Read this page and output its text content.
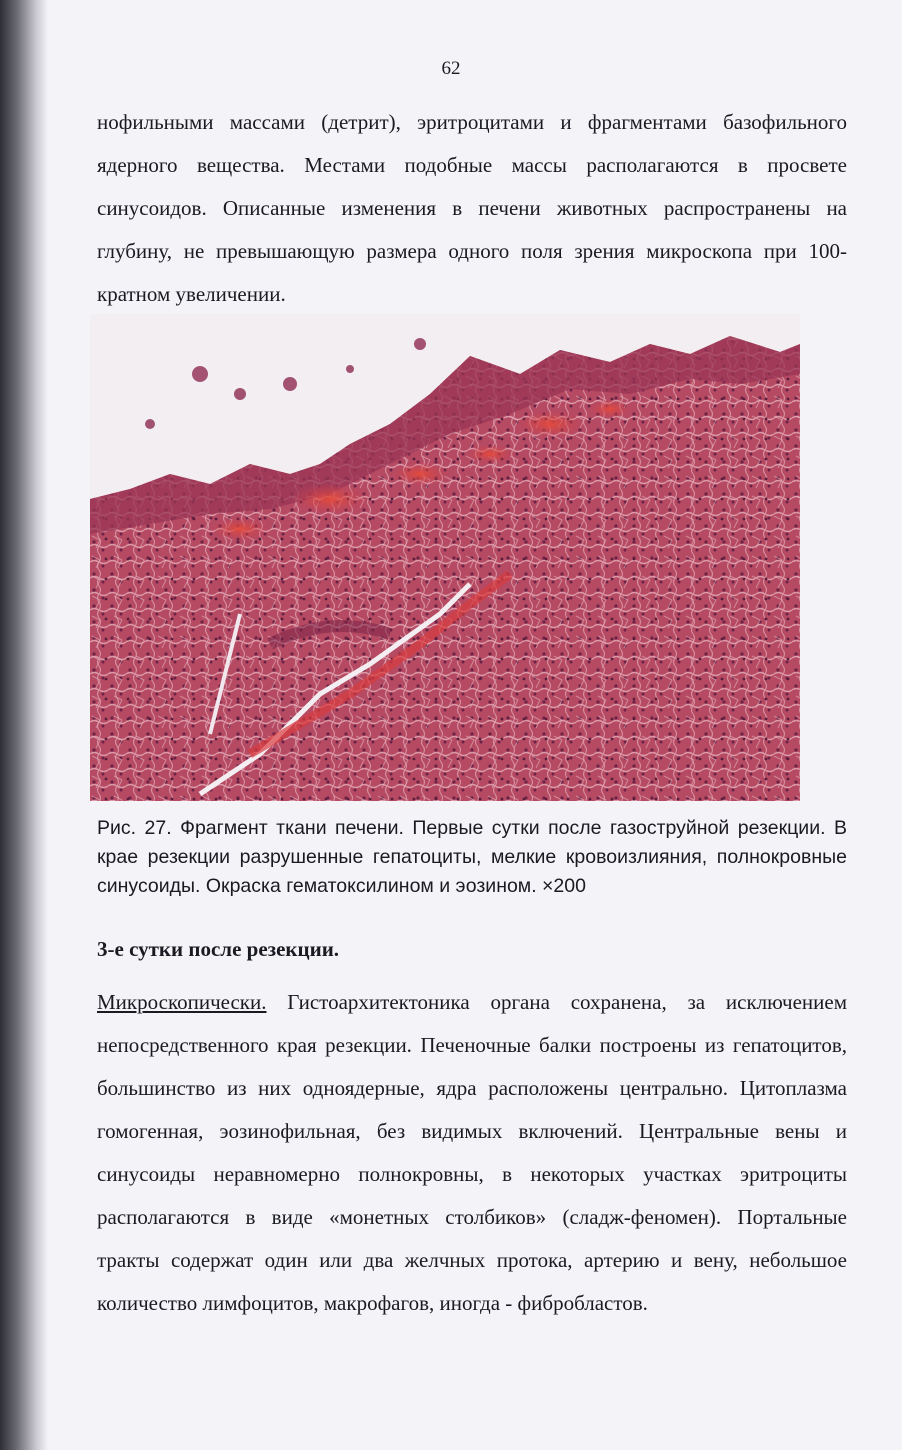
62

нофильными массами (детрит), эритроцитами и фрагментами базофильного ядерного вещества. Местами подобные массы располагаются в просвете синусоидов. Описанные изменения в печени животных распространены на глубину, не превышающую размера одного поля зрения микроскопа при 100-кратном увеличении.

Рис. 27. Фрагмент ткани печени. Первые сутки после газоструйной резекции. В крае резекции разрушенные гепатоциты, мелкие кровоизлияния, полнокровные синусоиды. Окраска гематоксилином и эозином. ×200

3-е сутки после резекции.

Микроскопически. Гистоархитектоника органа сохранена, за исключением непосредственного края резекции. Печеночные балки построены из гепатоцитов, большинство из них одноядерные, ядра расположены центрально. Цитоплазма гомогенная, эозинофильная, без видимых включений. Центральные вены и синусоиды неравномерно полнокровны, в некоторых участках эритроциты располагаются в виде «монетных столбиков» (сладж-феномен). Портальные тракты содержат один или два желчных протока, артерию и вену, небольшое количество лимфоцитов, макрофагов, иногда - фибробластов.
